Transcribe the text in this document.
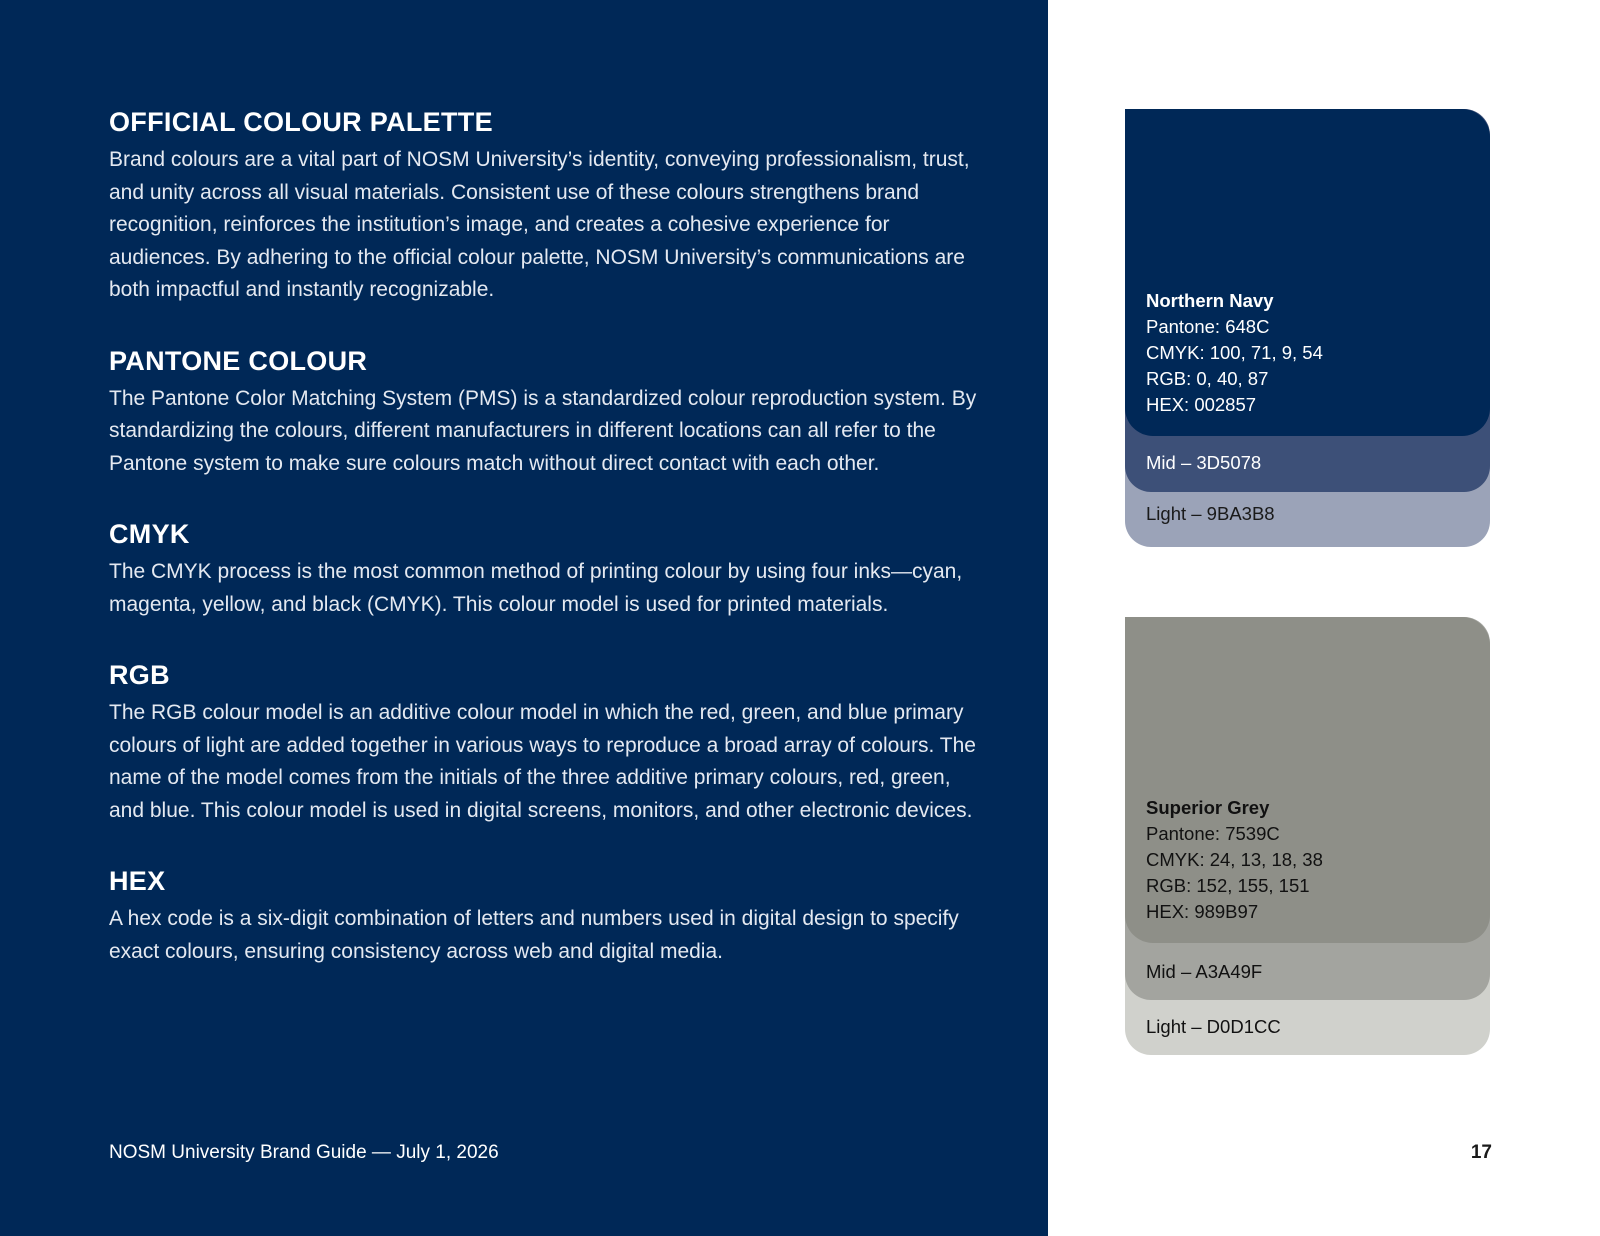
OFFICIAL COLOUR PALETTE

Brand colours are a vital part of NOSM University’s identity, conveying professionalism, trust, and unity across all visual materials. Consistent use of these colours strengthens brand recognition, reinforces the institution’s image, and creates a cohesive experience for audiences. By adhering to the official colour palette, NOSM University’s communications are both impactful and instantly recognizable.

PANTONE COLOUR

The Pantone Color Matching System (PMS) is a standardized colour reproduction system. By standardizing the colours, different manufacturers in different locations can all refer to the Pantone system to make sure colours match without direct contact with each other.

CMYK

The CMYK process is the most common method of printing colour by using four inks—cyan, magenta, yellow, and black (CMYK). This colour model is used for printed materials.

RGB

The RGB colour model is an additive colour model in which the red, green, and blue primary colours of light are added together in various ways to reproduce a broad array of colours. The name of the model comes from the initials of the three additive primary colours, red, green, and blue. This colour model is used in digital screens, monitors, and other electronic devices.

HEX

A hex code is a six-digit combination of letters and numbers used in digital design to specify exact colours, ensuring consistency across web and digital media.

NOSM University Brand Guide — July 1, 2026
Light – 9BA3B8
Mid – 3D5078
Northern Navy
Pantone: 648C
CMYK: 100, 71, 9, 54
RGB: 0, 40, 87
HEX: 002857
Light – D0D1CC
Mid – A3A49F
Superior Grey
Pantone: 7539C
CMYK: 24, 13, 18, 38
RGB: 152, 155, 151
HEX: 989B97
17
